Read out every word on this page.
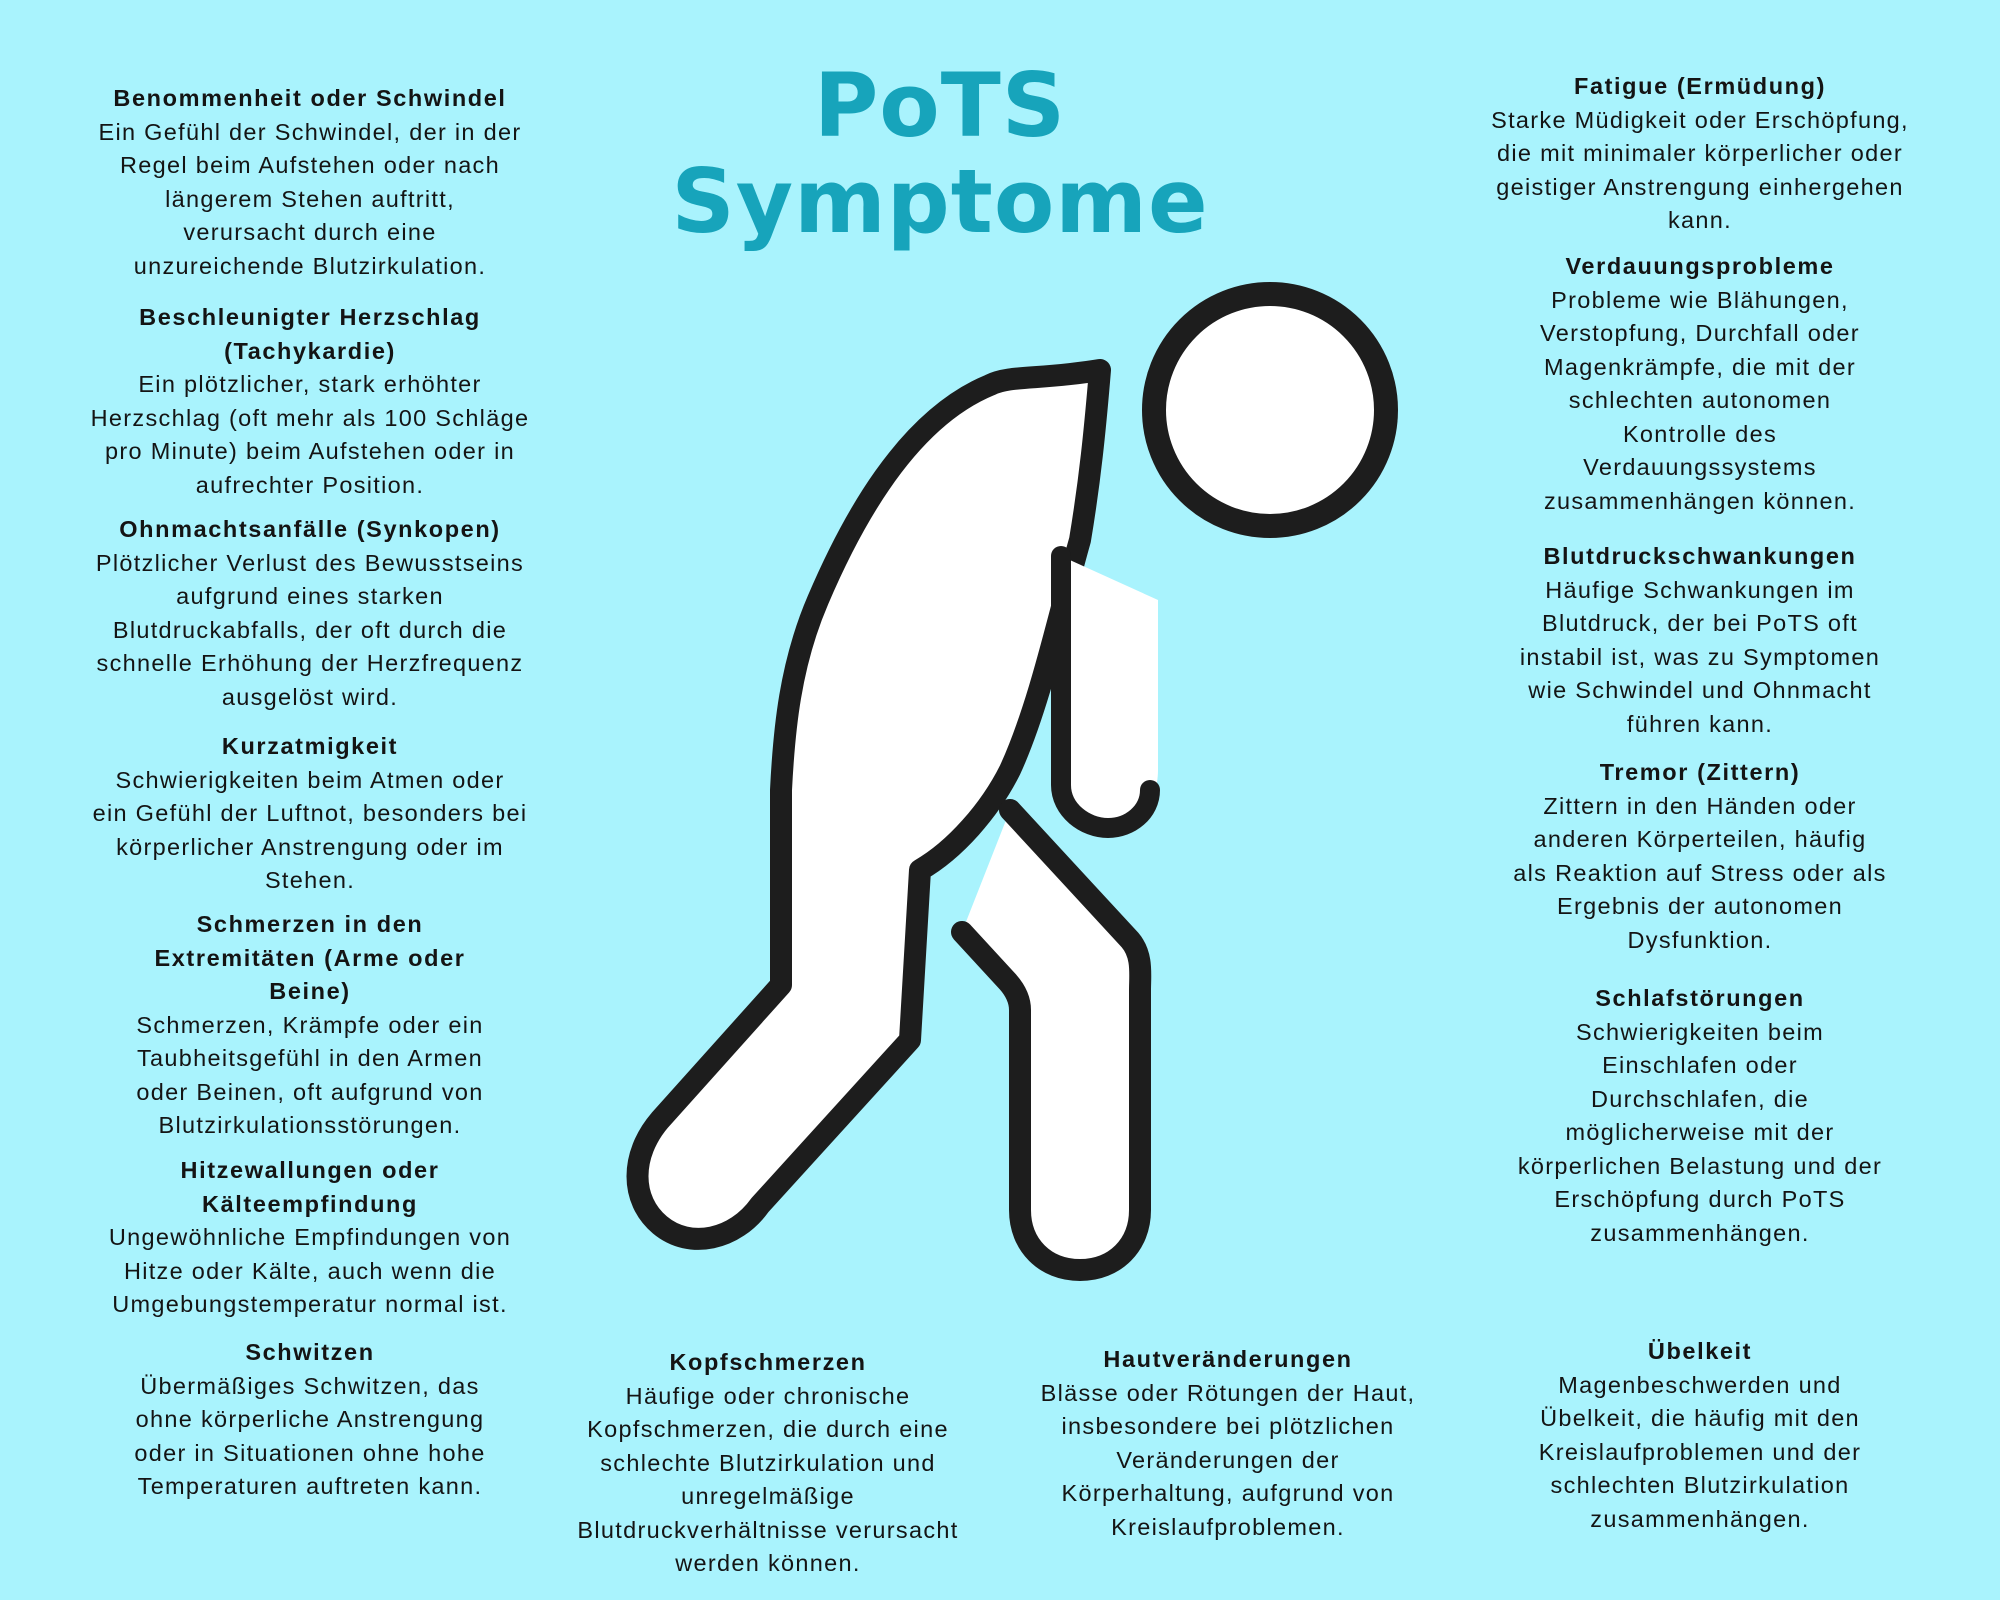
PoTS
Symptome
Benommenheit oder Schwindel
Ein Gefühl der Schwindel, der in der
Regel beim Aufstehen oder nach
längerem Stehen auftritt,
verursacht durch eine
unzureichende Blutzirkulation.
Beschleunigter Herzschlag
(Tachykardie)
Ein plötzlicher, stark erhöhter
Herzschlag (oft mehr als 100 Schläge
pro Minute) beim Aufstehen oder in
aufrechter Position.
Ohnmachtsanfälle (Synkopen)
Plötzlicher Verlust des Bewusstseins
aufgrund eines starken
Blutdruckabfalls, der oft durch die
schnelle Erhöhung der Herzfrequenz
ausgelöst wird.
Kurzatmigkeit
Schwierigkeiten beim Atmen oder
ein Gefühl der Luftnot, besonders bei
körperlicher Anstrengung oder im
Stehen.
Schmerzen in den
Extremitäten (Arme oder
Beine)
Schmerzen, Krämpfe oder ein
Taubheitsgefühl in den Armen
oder Beinen, oft aufgrund von
Blutzirkulationsstörungen.
Hitzewallungen oder
Kälteempfindung
Ungewöhnliche Empfindungen von
Hitze oder Kälte, auch wenn die
Umgebungstemperatur normal ist.
Schwitzen
Übermäßiges Schwitzen, das
ohne körperliche Anstrengung
oder in Situationen ohne hohe
Temperaturen auftreten kann.
Kopfschmerzen
Häufige oder chronische
Kopfschmerzen, die durch eine
schlechte Blutzirkulation und
unregelmäßige
Blutdruckverhältnisse verursacht
werden können.
Hautveränderungen
Blässe oder Rötungen der Haut,
insbesondere bei plötzlichen
Veränderungen der
Körperhaltung, aufgrund von
Kreislaufproblemen.
Fatigue (Ermüdung)
Starke Müdigkeit oder Erschöpfung,
die mit minimaler körperlicher oder
geistiger Anstrengung einhergehen
kann.
Verdauungsprobleme
Probleme wie Blähungen,
Verstopfung, Durchfall oder
Magenkrämpfe, die mit der
schlechten autonomen
Kontrolle des
Verdauungssystems
zusammenhängen können.
Blutdruckschwankungen
Häufige Schwankungen im
Blutdruck, der bei PoTS oft
instabil ist, was zu Symptomen
wie Schwindel und Ohnmacht
führen kann.
Tremor (Zittern)
Zittern in den Händen oder
anderen Körperteilen, häufig
als Reaktion auf Stress oder als
Ergebnis der autonomen
Dysfunktion.
Schlafstörungen
Schwierigkeiten beim
Einschlafen oder
Durchschlafen, die
möglicherweise mit der
körperlichen Belastung und der
Erschöpfung durch PoTS
zusammenhängen.
Übelkeit
Magenbeschwerden und
Übelkeit, die häufig mit den
Kreislaufproblemen und der
schlechten Blutzirkulation
zusammenhängen.
